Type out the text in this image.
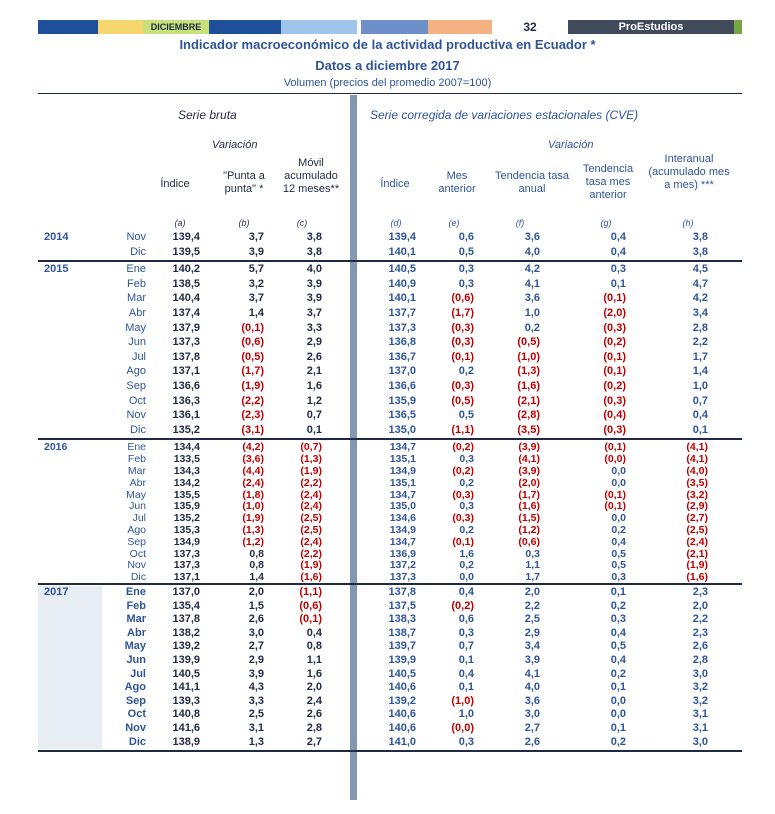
DICIEMBRE	32	ProEstudios
Indicador macroeconómico de la actividad productiva en Ecuador *
Datos a diciembre 2017
Volumen (precios del promedio 2007=100)
Serie bruta	Serie corregida de variaciones estacionales (CVE)
Variación	Variación
Índice
"Punta a punta" *
Móvil acumulado 12 meses**	Índice
Mes anterior
Tendencia tasa anual
Tendencia tasa mes anterior
Interanual (acumulado mes a mes) ***
(a)	(b)	(c)	(d)	(e)	(f)	(g)	(h)
2014	Nov	139,4	3,7	3,8	139,4	0,6	3,6	0,4	3,8
Dic	139,5	3,9	3,8	140,1	0,5	4,0	0,4	3,8
2015	Ene	140,2	5,7	4,0	140,5	0,3	4,2	0,3	4,5
Feb	138,5	3,2	3,9	140,9	0,3	4,1	0,1	4,7
Mar	140,4	3,7	3,9	140,1	(0,6)	3,6	(0,1)	4,2
Abr	137,4	1,4	3,7	137,7	(1,7)	1,0	(2,0)	3,4
May	137,9	(0,1)	3,3	137,3	(0,3)	0,2	(0,3)	2,8
Jun	137,3	(0,6)	2,9	136,8	(0,3)	(0,5)	(0,2)	2,2
Jul	137,8	(0,5)	2,6	136,7	(0,1)	(1,0)	(0,1)	1,7
Ago	137,1	(1,7)	2,1	137,0	0,2	(1,3)	(0,1)	1,4
Sep	136,6	(1,9)	1,6	136,6	(0,3)	(1,6)	(0,2)	1,0
Oct	136,3	(2,2)	1,2	135,9	(0,5)	(2,1)	(0,3)	0,7
Nov	136,1	(2,3)	0,7	136,5	0,5	(2,8)	(0,4)	0,4
Dic	135,2	(3,1)	0,1	135,0	(1,1)	(3,5)	(0,3)	0,1
2016	Ene	134,4	(4,2)	(0,7)	134,7	(0,2)	(3,9)	(0,1)	(4,1)
Feb	133,5	(3,6)	(1,3)	135,1	0,3	(4,1)	(0,0)	(4,1)
Mar	134,3	(4,4)	(1,9)	134,9	(0,2)	(3,9)	0,0	(4,0)
Abr	134,2	(2,4)	(2,2)	135,1	0,2	(2,0)	0,0	(3,5)
May	135,5	(1,8)	(2,4)	134,7	(0,3)	(1,7)	(0,1)	(3,2)
Jun	135,9	(1,0)	(2,4)	135,0	0,3	(1,6)	(0,1)	(2,9)
Jul	135,2	(1,9)	(2,5)	134,6	(0,3)	(1,5)	0,0	(2,7)
Ago	135,3	(1,3)	(2,5)	134,9	0,2	(1,2)	0,2	(2,5)
Sep	134,9	(1,2)	(2,4)	134,7	(0,1)	(0,6)	0,4	(2,4)
Oct	137,3	0,8	(2,2)	136,9	1,6	0,3	0,5	(2,1)
Nov	137,3	0,8	(1,9)	137,2	0,2	1,1	0,5	(1,9)
Dic	137,1	1,4	(1,6)	137,3	0,0	1,7	0,3	(1,6)
2017	Ene	137,0	2,0	(1,1)	137,8	0,4	2,0	0,1	2,3
Feb	135,4	1,5	(0,6)	137,5	(0,2)	2,2	0,2	2,0
Mar	137,8	2,6	(0,1)	138,3	0,6	2,5	0,3	2,2
Abr	138,2	3,0	0,4	138,7	0,3	2,9	0,4	2,3
May	139,2	2,7	0,8	139,7	0,7	3,4	0,5	2,6
Jun	139,9	2,9	1,1	139,9	0,1	3,9	0,4	2,8
Jul	140,5	3,9	1,6	140,5	0,4	4,1	0,2	3,0
Ago	141,1	4,3	2,0	140,6	0,1	4,0	0,1	3,2
Sep	139,3	3,3	2,4	139,2	(1,0)	3,6	0,0	3,2
Oct	140,8	2,5	2,6	140,6	1,0	3,0	0,0	3,1
Nov	141,6	3,1	2,8	140,6	(0,0)	2,7	0,1	3,1
Dic	138,9	1,3	2,7	141,0	0,3	2,6	0,2	3,0
